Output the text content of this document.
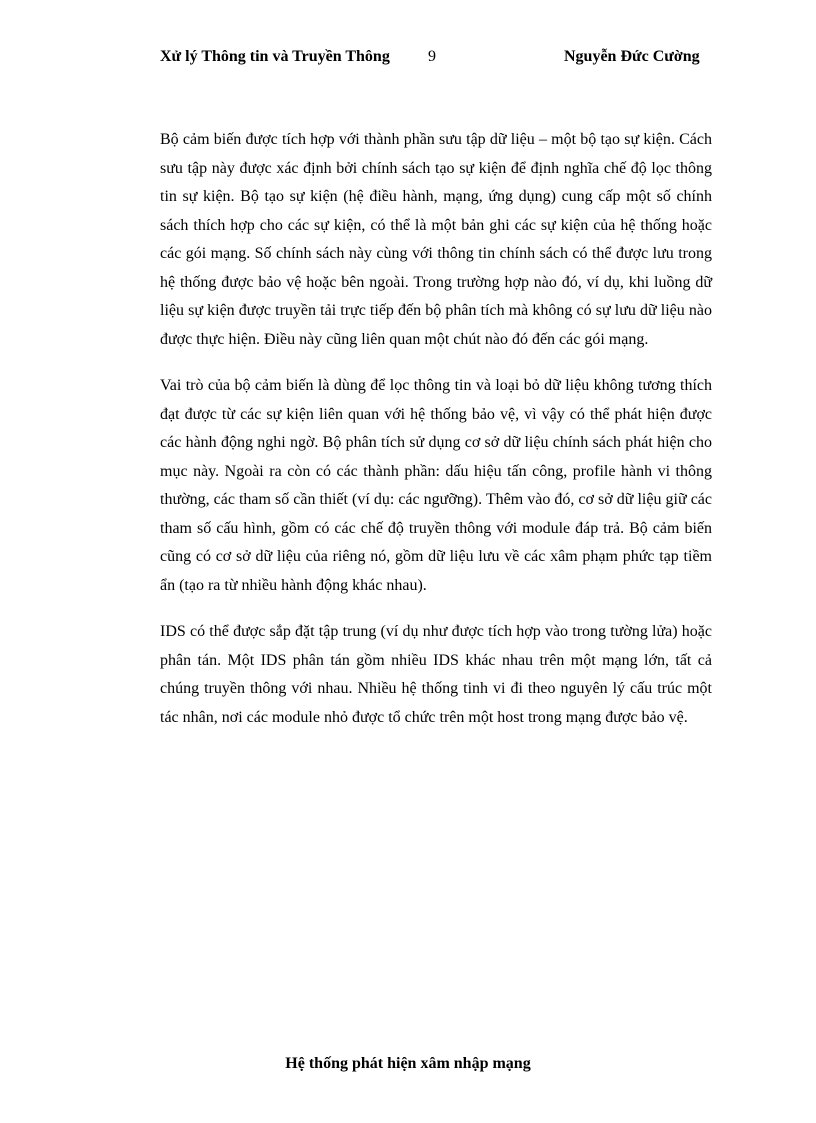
Xử lý Thông tin và Truyền Thông 9	Nguyễn Đức Cường

Bộ cảm biến được tích hợp với thành phần sưu tập dữ liệu – một bộ tạo sự kiện. Cách sưu tập này được xác định bởi chính sách tạo sự kiện để định nghĩa chế độ lọc thông tin sự kiện. Bộ tạo sự kiện (hệ điều hành, mạng, ứng dụng) cung cấp một số chính sách thích hợp cho các sự kiện, có thể là một bản ghi các sự kiện của hệ thống hoặc các gói mạng. Số chính sách này cùng với thông tin chính sách có thể được lưu trong hệ thống được bảo vệ hoặc bên ngoài. Trong trường hợp nào đó, ví dụ, khi luồng dữ liệu sự kiện được truyền tải trực tiếp đến bộ phân tích mà không có sự lưu dữ liệu nào được thực hiện. Điều này cũng liên quan một chút nào đó đến các gói mạng.

Vai trò của bộ cảm biến là dùng để lọc thông tin và loại bỏ dữ liệu không tương thích đạt được từ các sự kiện liên quan với hệ thống bảo vệ, vì vậy có thể phát hiện được các hành động nghi ngờ. Bộ phân tích sử dụng cơ sở dữ liệu chính sách phát hiện cho mục này. Ngoài ra còn có các thành phần: dấu hiệu tấn công, profile hành vi thông thường, các tham số cần thiết (ví dụ: các ngưỡng). Thêm vào đó, cơ sở dữ liệu giữ các tham số cấu hình, gồm có các chế độ truyền thông với module đáp trả. Bộ cảm biến cũng có cơ sở dữ liệu của riêng nó, gồm dữ liệu lưu về các xâm phạm phức tạp tiềm ẩn (tạo ra từ nhiều hành động khác nhau).

IDS có thể được sắp đặt tập trung (ví dụ như được tích hợp vào trong tường lửa) hoặc phân tán. Một IDS phân tán gồm nhiều IDS khác nhau trên một mạng lớn, tất cả chúng truyền thông với nhau. Nhiều hệ thống tinh vi đi theo nguyên lý cấu trúc một tác nhân, nơi các module nhỏ được tổ chức trên một host trong mạng được bảo vệ.

Hệ thống phát hiện xâm nhập mạng
